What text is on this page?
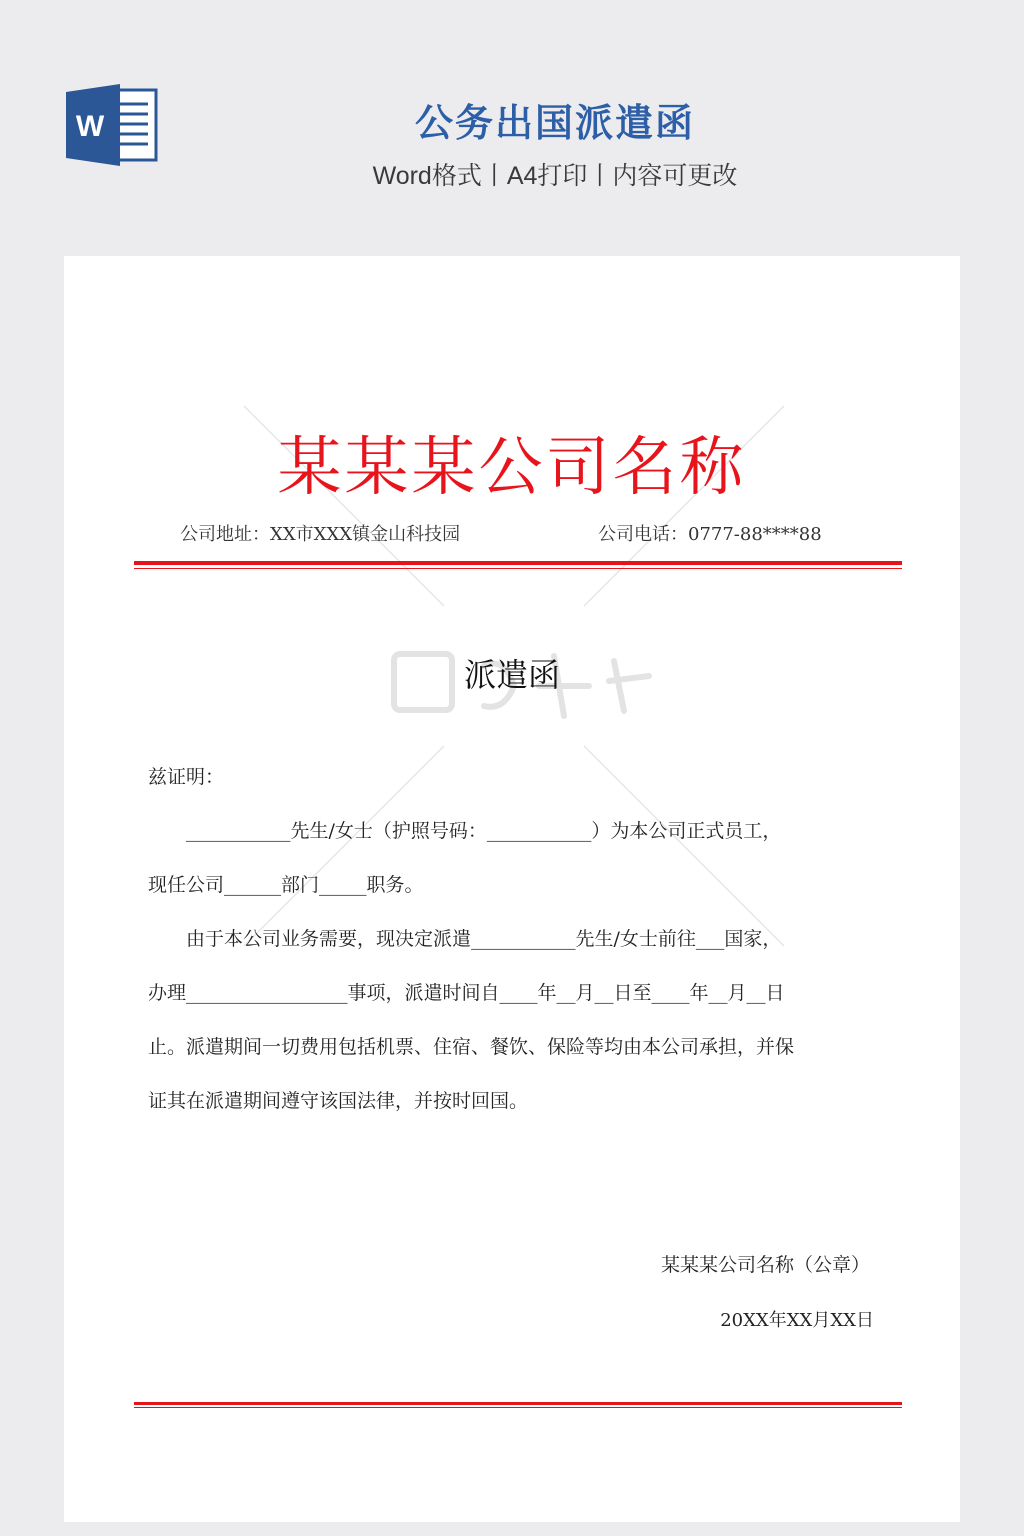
W	公务出国派遣函
Word格式丨A4打印丨内容可更改
某某某公司名称
公司地址：XX市XXX镇金山科技园	公司电话：0777-88****88
派遣函
兹证明：
___________先生/女士（护照号码：___________）为本公司正式员工，
现任公司______部门_____职务。
由于本公司业务需要，现决定派遣___________先生/女士前往___国家，
办理_________________事项，派遣时间自____年__月__日至____年__月__日
止。派遣期间一切费用包括机票、住宿、餐饮、保险等均由本公司承担，并保
证其在派遣期间遵守该国法律，并按时回国。
某某某公司名称（公章）
20XX年XX月XX日
